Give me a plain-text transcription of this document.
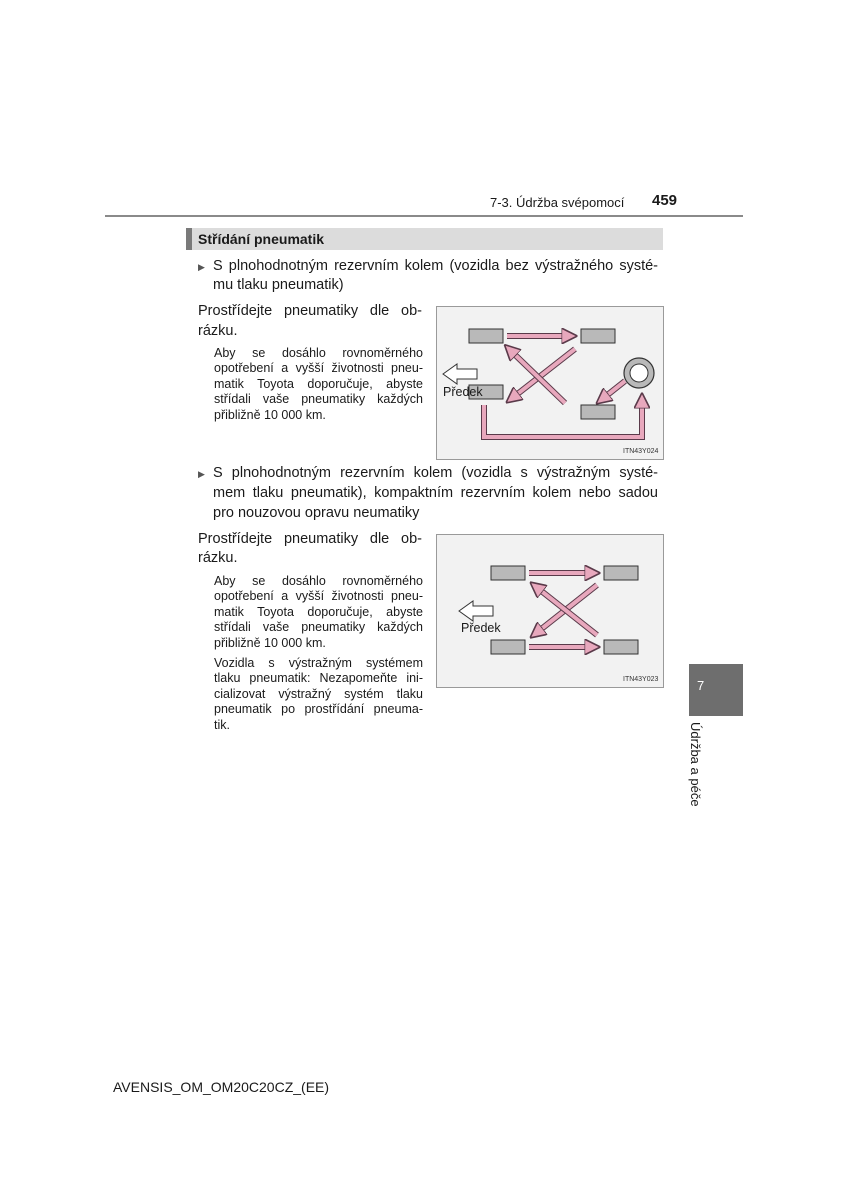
7-3. Údržba svépomocí 459
Střídání pneumatik
▶ S plnohodnotným rezervním kolem (vozidla bez výstražného systé-
mu tlaku pneumatik)
Prostřídejte pneumatiky dle ob-
rázku.
Aby se dosáhlo rovnoměrného
opotřebení a vyšší životnosti pneu-
matik Toyota doporučuje, abyste
střídali vaše pneumatiky každých
přibližně 10 000 km.
Předek
ITN43Y024
▶ S plnohodnotným rezervním kolem (vozidla s výstražným systé-
mem tlaku pneumatik), kompaktním rezervním kolem nebo sadou
pro nouzovou opravu neumatiky
Prostřídejte pneumatiky dle ob-
rázku.
Aby se dosáhlo rovnoměrného
opotřebení a vyšší životnosti pneu-
matik Toyota doporučuje, abyste
střídali vaše pneumatiky každých
přibližně 10 000 km.
Vozidla s výstražným systémem
tlaku pneumatik: Nezapomeňte ini-
cializovat výstražný systém tlaku
pneumatik po prostřídání pneuma-
tik.
Předek
ITN43Y023	7
Údržba a péče
AVENSIS_OM_OM20C20CZ_(EE)
